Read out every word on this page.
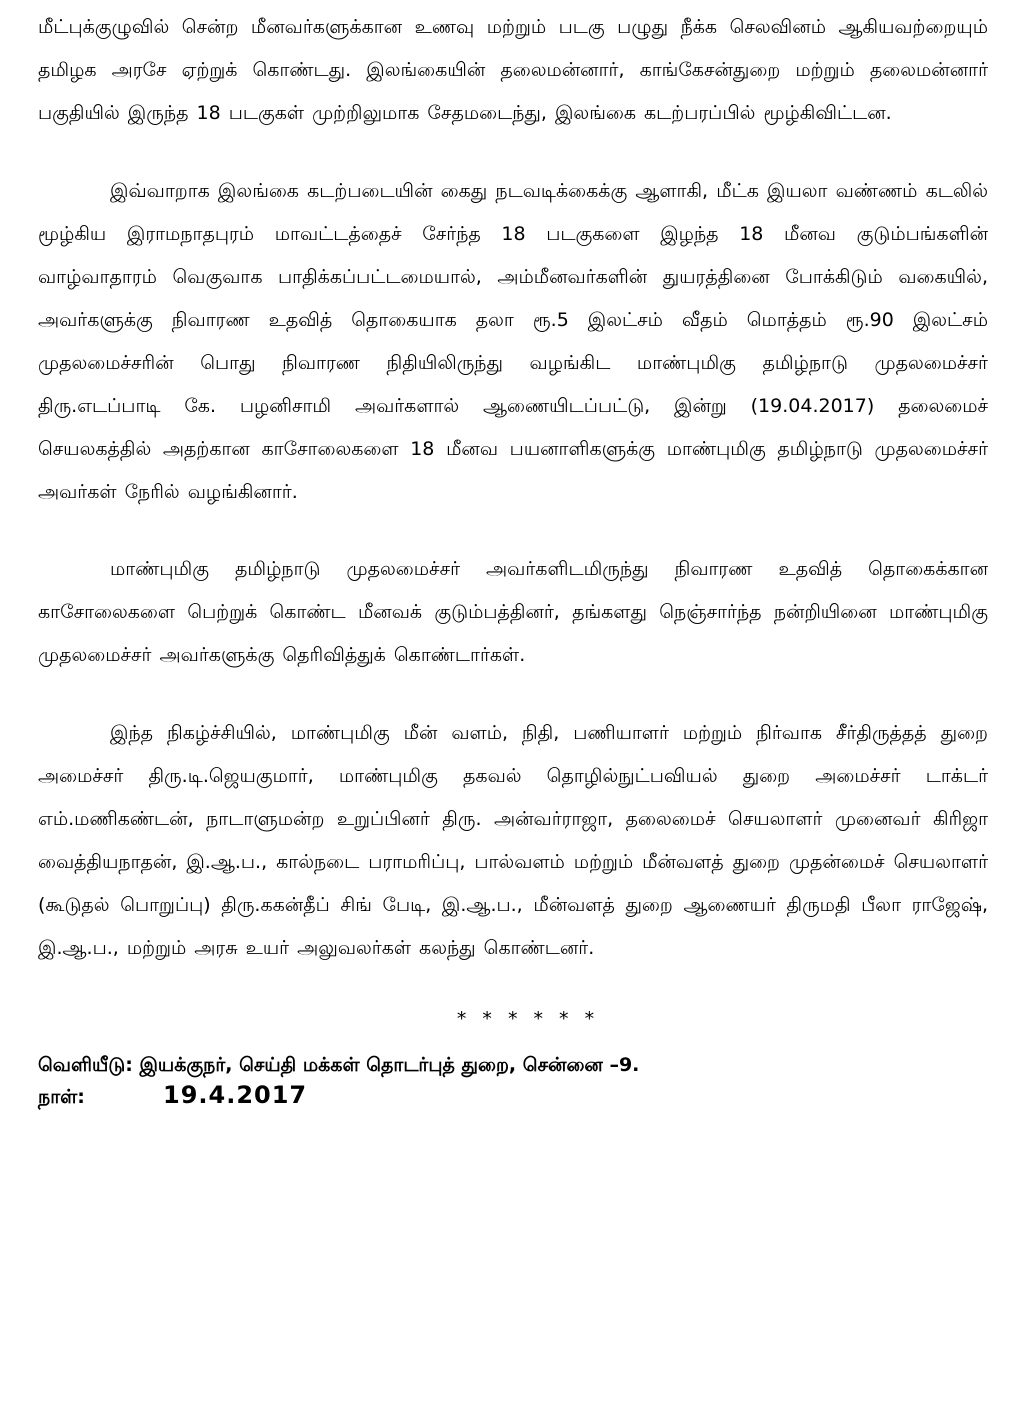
மீட்புக்குழுவில் சென்ற மீனவர்களுக்கான உணவு மற்றும் படகு பழுது நீக்க செலவினம் ஆகியவற்றையும் தமிழக அரசே ஏற்றுக் கொண்டது. இலங்கையின் தலைமன்னார், காங்கேசன்துறை மற்றும் தலைமன்னார் பகுதியில் இருந்த 18 படகுகள் முற்றிலுமாக சேதமடைந்து, இலங்கை கடற்பரப்பில் மூழ்கிவிட்டன.

இவ்வாறாக இலங்கை கடற்படையின் கைது நடவடிக்கைக்கு ஆளாகி, மீட்க இயலா வண்ணம் கடலில் மூழ்கிய இராமநாதபுரம் மாவட்டத்தைச் சேர்ந்த 18 படகுகளை இழந்த 18 மீனவ குடும்பங்களின் வாழ்வாதாரம் வெகுவாக பாதிக்கப்பட்டமையால், அம்மீனவர்களின் துயரத்தினை போக்கிடும் வகையில், அவர்களுக்கு நிவாரண உதவித் தொகையாக தலா ரூ.5 இலட்சம் வீதம் மொத்தம் ரூ.90 இலட்சம் முதலமைச்சரின் பொது நிவாரண நிதியிலிருந்து வழங்கிட மாண்புமிகு தமிழ்நாடு முதலமைச்சர் திரு.எடப்பாடி கே. பழனிசாமி அவர்களால் ஆணையிடப்பட்டு, இன்று (19.04.2017) தலைமைச் செயலகத்தில் அதற்கான காசோலைகளை 18 மீனவ பயனாளிகளுக்கு மாண்புமிகு தமிழ்நாடு முதலமைச்சர் அவர்கள் நேரில் வழங்கினார்.

மாண்புமிகு தமிழ்நாடு முதலமைச்சர் அவர்களிடமிருந்து நிவாரண உதவித் தொகைக்கான காசோலைகளை பெற்றுக் கொண்ட மீனவக் குடும்பத்தினர், தங்களது நெஞ்சார்ந்த நன்றியினை மாண்புமிகு முதலமைச்சர் அவர்களுக்கு தெரிவித்துக் கொண்டார்கள்.

இந்த நிகழ்ச்சியில், மாண்புமிகு மீன் வளம், நிதி, பணியாளர் மற்றும் நிர்வாக சீர்திருத்தத் துறை அமைச்சர் திரு.டி.ஜெயகுமார், மாண்புமிகு தகவல் தொழில்நுட்பவியல் துறை அமைச்சர் டாக்டர் எம்.மணிகண்டன், நாடாளுமன்ற உறுப்பினர் திரு. அன்வர்ராஜா, தலைமைச் செயலாளர் முனைவர் கிரிஜா வைத்தியநாதன், இ.ஆ.ப., கால்நடை பராமரிப்பு, பால்வளம் மற்றும் மீன்வளத் துறை முதன்மைச் செயலாளர் (கூடுதல் பொறுப்பு) திரு.ககன்தீப் சிங் பேடி, இ.ஆ.ப., மீன்வளத் துறை ஆணையர் திருமதி பீலா ராஜேஷ், இ.ஆ.ப., மற்றும் அரசு உயர் அலுவலர்கள் கலந்து கொண்டனர்.

* * * * * *
வெளியீடு: இயக்குநர், செய்தி மக்கள் தொடர்புத் துறை, சென்னை –9.
நாள்:	19.4.2017
